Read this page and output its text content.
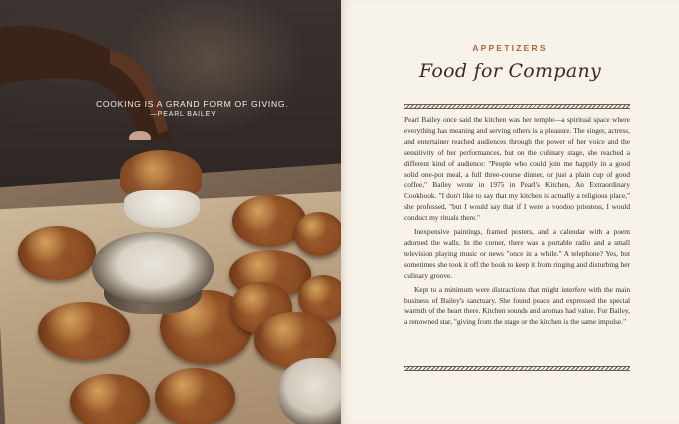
COOKING IS A GRAND FORM OF GIVING.
—PEARL BAILEY
APPETIZERS
Food for Company

Pearl Bailey once said the kitchen was her temple—a spiritual space where everything has meaning and serving others is a pleasure. The singer, actress, and entertainer reached audiences through the power of her voice and the sensitivity of her performances, but on the culinary stage, she reached a different kind of audience: "People who could join me happily in a good solid one-pot meal, a full three-course dinner, or just a plain cup of good coffee," Bailey wrote in 1975 in Pearl's Kitchen, An Extraordinary Cookbook. "I don't like to say that my kitchen is actually a religious place," she professed, "but I would say that if I were a voodoo priestess, I would conduct my rituals there."

Inexpensive paintings, framed posters, and a calendar with a poem adorned the walls. In the corner, there was a portable radio and a small television playing music or news "once in a while." A telephone? Yes, but sometimes she took it off the hook to keep it from ringing and disturbing her culinary groove.

Kept to a minimum were distractions that might interfere with the main business of Bailey's sanctuary. She found peace and expressed the special warmth of the heart there. Kitchen sounds and aromas had value. For Bailey, a renowned star, "giving from the stage or the kitchen is the same impulse."
